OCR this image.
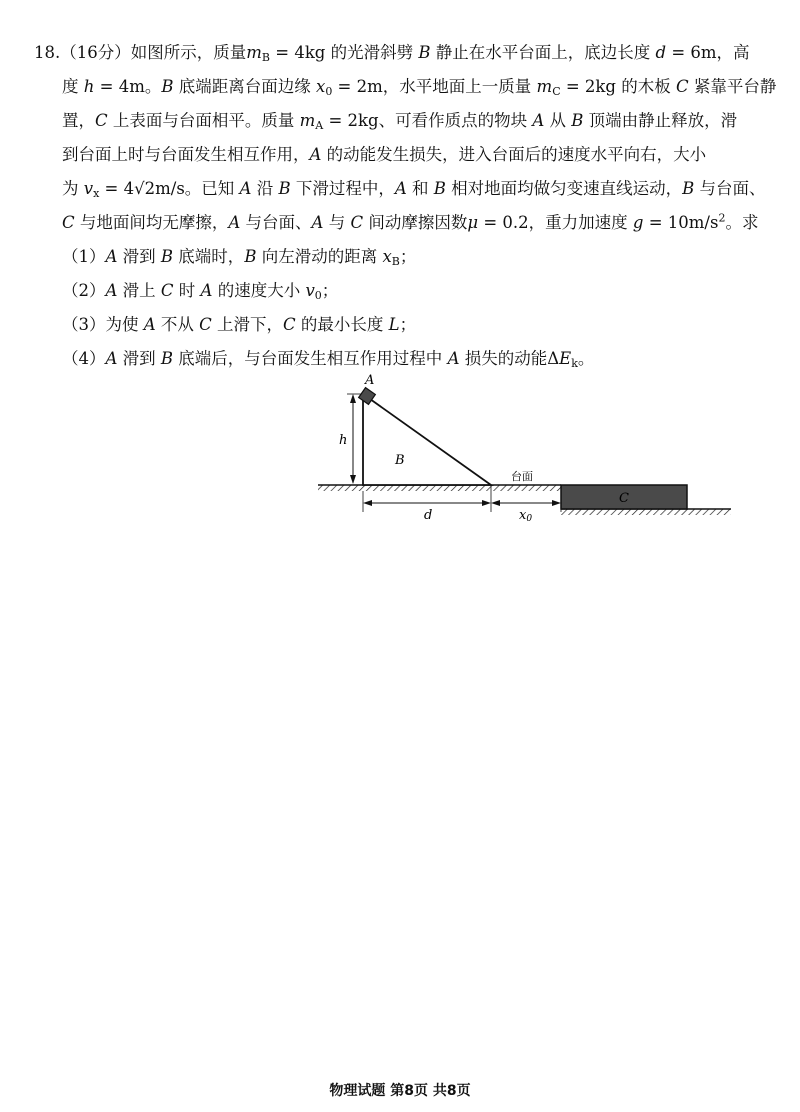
18.（16分）如图所示，质量$m_B = 4kg$ 的光滑斜劈 B 静止在水平台面上，底边长度 d = 6m，高
度 h = 4m。B 底端距离台面边缘 $x_0 = 2m$，水平地面上一质量 $m_C = 2kg$ 的木板 C 紧靠平台静
置，C 上表面与台面相平。质量 $m_A = 2kg$、可看作质点的物块 A 从 B 顶端由静止释放，滑
到台面上时与台面发生相互作用，A 的动能发生损失，进入台面后的速度水平向右，大小
为 $v_x = 4√2m/s$。已知 A 沿 B 下滑过程中，A 和 B 相对地面均做匀变速直线运动，B 与台面、
C 与地面间均无摩擦，A 与台面、A 与 C 间动摩擦因数μ = 0.2，重力加速度 $g = 10m/s^2$。求
（1）A 滑到 B 底端时，B 向左滑动的距离 $x_B$；
（2）A 滑上 C 时 A 的速度大小 $v_0$；
（3）为使 A 不从 C 上滑下，C 的最小长度 L；
（4）A 滑到 B 底端后，与台面发生相互作用过程中 A 损失的动能$\Delta E_k$。
A
h
B
台面
C
d	x0
物理试题 第8页 共8页
